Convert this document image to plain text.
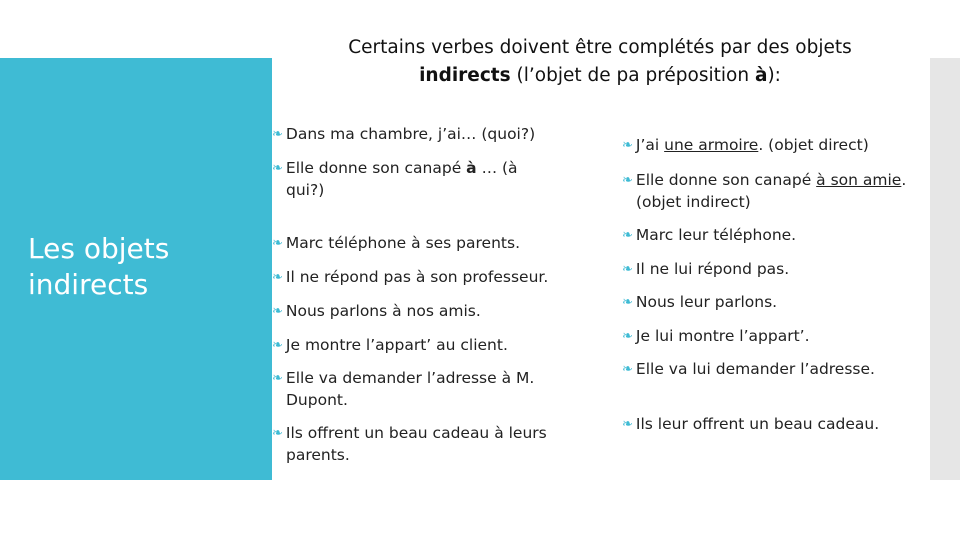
Certains verbes doivent être complétés par des objets
indirects (l’objet de pa préposition à):
Les objets indirects
❧ Dans ma chambre, j’ai… (quoi?)
❧ Elle donne son canapé à … (à
qui?)
❧ Marc téléphone à ses parents.
❧ Il ne répond pas à son professeur.
❧ Nous parlons à nos amis.
❧ Je montre l’appart’ au client.
❧ Elle va demander l’adresse à M.
Dupont.
❧ Ils offrent un beau cadeau à leurs
parents.
❧ J’ai une armoire. (objet direct)
❧ Elle donne son canapé à son amie.
(objet indirect)
❧ Marc leur téléphone.
❧ Il ne lui répond pas.
❧ Nous leur parlons.
❧ Je lui montre l’appart’.
❧ Elle va lui demander l’adresse.
❧ Ils leur offrent un beau cadeau.
